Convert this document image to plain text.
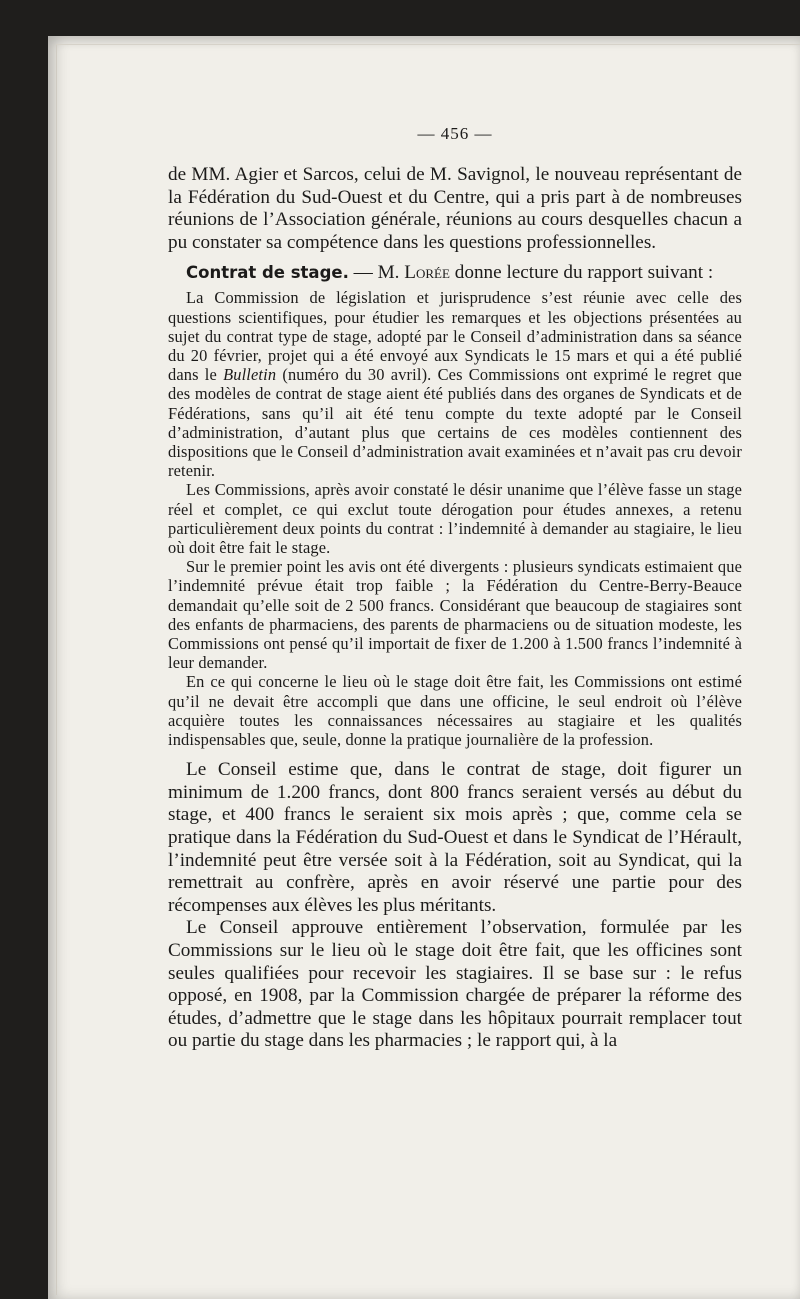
— 456 —

de MM. Agier et Sarcos, celui de M. Savignol, le nouveau représentant de la Fédération du Sud-Ouest et du Centre, qui a pris part à de nombreuses réunions de l’Association générale, réunions au cours desquelles chacun a pu constater sa compétence dans les questions professionnelles.

Contrat de stage. — M. Lorée donne lecture du rapport suivant :

La Commission de législation et jurisprudence s’est réunie avec celle des questions scientifiques, pour étudier les remarques et les objections présentées au sujet du contrat type de stage, adopté par le Conseil d’administration dans sa séance du 20 février, projet qui a été envoyé aux Syndicats le 15 mars et qui a été publié dans le Bulletin (numéro du 30 avril). Ces Commissions ont exprimé le regret que des modèles de contrat de stage aient été publiés dans des organes de Syndicats et de Fédérations, sans qu’il ait été tenu compte du texte adopté par le Conseil d’administration, d’autant plus que certains de ces modèles contiennent des dispositions que le Conseil d’administration avait examinées et n’avait pas cru devoir retenir.

Les Commissions, après avoir constaté le désir unanime que l’élève fasse un stage réel et complet, ce qui exclut toute dérogation pour études annexes, a retenu particulièrement deux points du contrat : l’indemnité à demander au stagiaire, le lieu où doit être fait le stage.

Sur le premier point les avis ont été divergents : plusieurs syndicats estimaient que l’indemnité prévue était trop faible ; la Fédération du Centre-Berry-Beauce demandait qu’elle soit de 2 500 francs. Considérant que beaucoup de stagiaires sont des enfants de pharmaciens, des parents de pharmaciens ou de situation modeste, les Commissions ont pensé qu’il importait de fixer de 1.200 à 1.500 francs l’indemnité à leur demander.

En ce qui concerne le lieu où le stage doit être fait, les Commissions ont estimé qu’il ne devait être accompli que dans une officine, le seul endroit où l’élève acquière toutes les connaissances nécessaires au stagiaire et les qualités indispensables que, seule, donne la pratique journalière de la profession.

Le Conseil estime que, dans le contrat de stage, doit figurer un minimum de 1.200 francs, dont 800 francs seraient versés au début du stage, et 400 francs le seraient six mois après ; que, comme cela se pratique dans la Fédération du Sud-Ouest et dans le Syndicat de l’Hérault, l’indemnité peut être versée soit à la Fédération, soit au Syndicat, qui la remettrait au confrère, après en avoir réservé une partie pour des récompenses aux élèves les plus méritants.

Le Conseil approuve entièrement l’observation, formulée par les Commissions sur le lieu où le stage doit être fait, que les officines sont seules qualifiées pour recevoir les stagiaires. Il se base sur : le refus opposé, en 1908, par la Commission chargée de préparer la réforme des études, d’admettre que le stage dans les hôpitaux pourrait remplacer tout ou partie du stage dans les pharmacies ; le rapport qui, à la
